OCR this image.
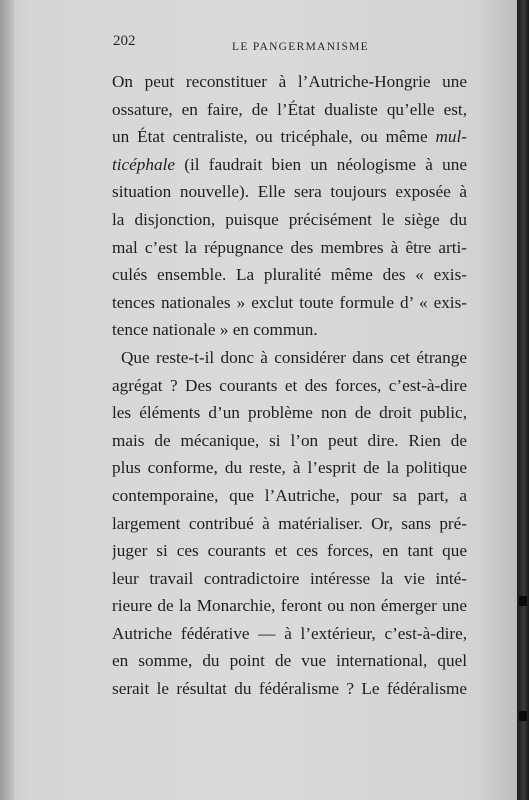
202	LE PANGERMANISME
On peut reconstituer à l’Autriche-Hongrie une
ossature, en faire, de l’État dualiste qu’elle est,
un État centraliste, ou tricéphale, ou même mul-
ticéphale (il faudrait bien un néologisme à une
situation nouvelle). Elle sera toujours exposée à
la disjonction, puisque précisément le siège du
mal c’est la répugnance des membres à être arti-
culés ensemble. La pluralité même des « exis-
tences nationales » exclut toute formule d’ « exis-
tence nationale » en commun.
Que reste-t-il donc à considérer dans cet étrange
agrégat ? Des courants et des forces, c’est-à-dire
les éléments d’un problème non de droit public,
mais de mécanique, si l’on peut dire. Rien de
plus conforme, du reste, à l’esprit de la politique
contemporaine, que l’Autriche, pour sa part, a
largement contribué à matérialiser. Or, sans pré-
juger si ces courants et ces forces, en tant que
leur travail contradictoire intéresse la vie inté-
rieure de la Monarchie, feront ou non émerger une
Autriche fédérative — à l’extérieur, c’est-à-dire,
en somme, du point de vue international, quel
serait le résultat du fédéralisme ? Le fédéralisme
